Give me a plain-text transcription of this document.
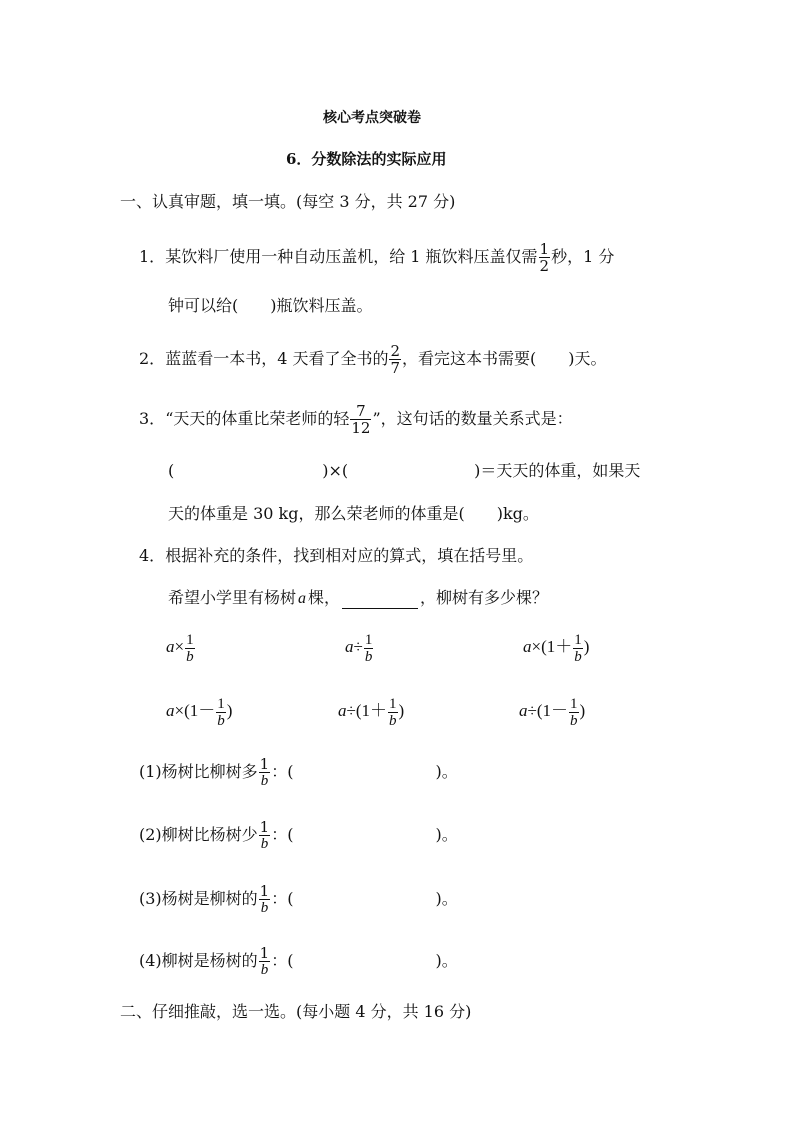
核心考点突破卷
6．分数除法的实际应用
一、认真审题，填一填。(每空 3 分，共 27 分)
1．某饮料厂使用一种自动压盖机，给 1 瓶饮料压盖仅需 $\frac{1}{2}$ 秒，1 分
钟可以给( )瓶饮料压盖。
2．蓝蓝看一本书，4 天看了全书的 $\frac{2}{7}$ ，看完这本书需要( )天。
3．“天天的体重比荣老师的轻 $\frac{7}{12}$ ”，这句话的数量关系式是：
(	)×(	)＝天天的体重，如果天
天的体重是 30 kg，那么荣老师的体重是( )kg。
4．根据补充的条件，找到相对应的算式，填在括号里。
希望小学里有杨树 a 棵，	，柳树有多少棵？
$a\times \frac{1}{b}$	$a\div \frac{1}{b}$	$a\times(1+ \frac{1}{b}$ )
$a\times(1- \frac{1}{b}$ )	$a\div(1+ \frac{1}{b}$ )	$a\div(1- \frac{1}{b}$ )
(1)杨树比柳树多 $\frac{1}{b}$ ：(	)。
(2)柳树比杨树少 $\frac{1}{b}$ ：(	)。
(3)杨树是柳树的 $\frac{1}{b}$ ：(	)。
(4)柳树是杨树的 $\frac{1}{b}$ ：(	)。
二、仔细推敲，选一选。(每小题 4 分，共 16 分)
